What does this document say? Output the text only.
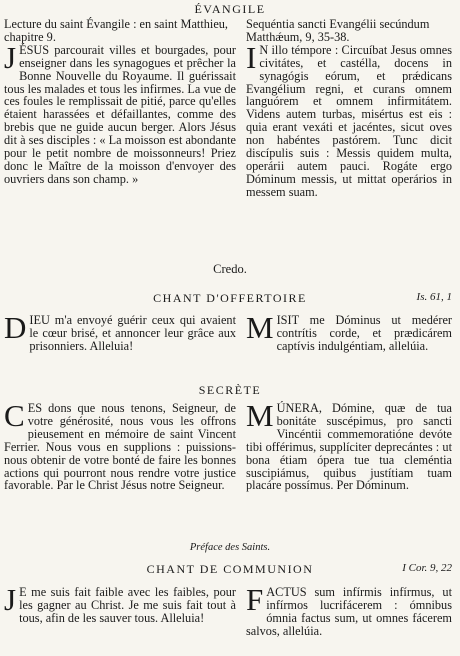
ÉVANGILE
Lecture du saint Évangile : en saint Matthieu, chapitre 9.
J ÉSUS parcourait villes et bourgades, pour enseigner dans les synagogues et prêcher la Bonne Nouvelle du Royaume. Il guérissait tous les malades et tous les infirmes. La vue de ces foules le remplissait de pitié, parce qu'elles étaient harassées et défaillantes, comme des brebis que ne guide aucun berger. Alors Jésus dit à ses disciples : « La moisson est abondante pour le petit nombre de moissonneurs! Priez donc le Maître de la moisson d'envoyer des ouvriers dans son champ. »
Sequéntia sancti Evangélii secúndum Matthǽum, 9, 35-38.
I N illo témpore : Circuíbat Jesus omnes civitátes, et castélla, docens in synagógis eórum, et prǽdicans Evangélium regni, et curans omnem languórem et omnem infirmitátem. Videns autem turbas, misértus est eis : quia erant vexáti et jacéntes, sicut oves non habéntes pastórem. Tunc dicit discípulis suis : Messis quidem multa, operárii autem pauci. Rogáte ergo Dóminum messis, ut mittat operários in messem suam.
Credo.
CHANT D'OFFERTOIRE	Is. 61, 1
D IEU m'a envoyé guérir ceux qui avaient le cœur brisé, et annoncer leur grâce aux prisonniers. Alleluia!
M ISIT me Dóminus ut medérer contrítis corde, et prædicárem captívis indulgéntiam, allelúia.
SECRÈTE
C ES dons que nous tenons, Seigneur, de votre générosité, nous vous les offrons pieusement en mémoire de saint Vincent Ferrier. Nous vous en supplions : puissions-nous obtenir de votre bonté de faire les bonnes actions qui pourront nous rendre votre justice favorable. Par le Christ Jésus notre Seigneur.
M ÚNERA, Dómine, quæ de tua bonitáte suscépimus, pro sancti Vincéntii commemoratióne devóte tibi offérimus, supplíciter deprecántes : ut bona étiam ópera tue tua cleméntia suscipiámus, quibus justítiam tuam placáre possímus. Per Dóminum.
Préface des Saints.
CHANT DE COMMUNION	I Cor. 9, 22
J E me suis fait faible avec les faibles, pour les gagner au Christ. Je me suis fait tout à tous, afin de les sauver tous. Alleluia!
F ACTUS sum infírmis infírmus, ut infírmos lucrifácerem : ómnibus ómnia factus sum, ut omnes fácerem salvos, allelúia.
